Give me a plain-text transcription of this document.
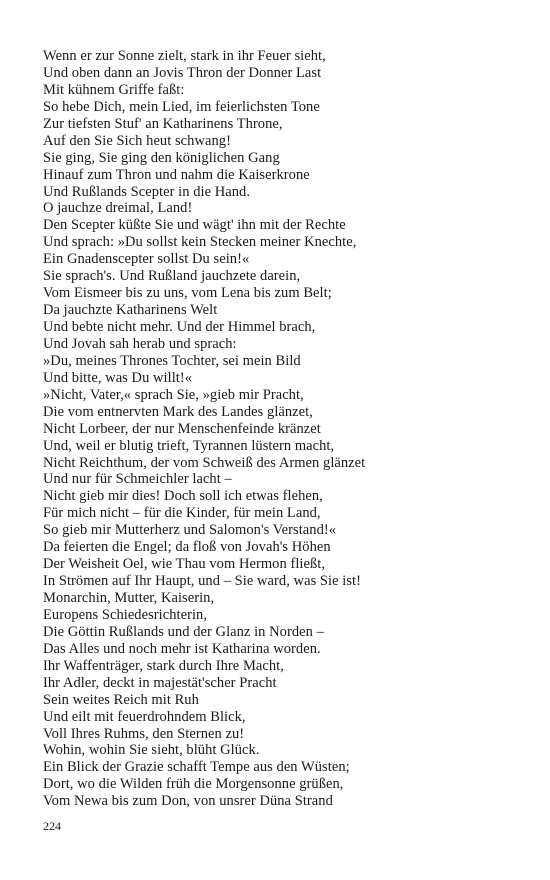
Wenn er zur Sonne zielt, stark in ihr Feuer sieht,
Und oben dann an Jovis Thron der Donner Last
Mit kühnem Griffe faßt:
So hebe Dich, mein Lied, im feierlichsten Tone
Zur tiefsten Stuf' an Katharinens Throne,
Auf den Sie Sich heut schwang!
Sie ging, Sie ging den königlichen Gang
Hinauf zum Thron und nahm die Kaiserkrone
Und Rußlands Scepter in die Hand.
O jauchze dreimal, Land!
Den Scepter küßte Sie und wägt' ihn mit der Rechte
Und sprach: »Du sollst kein Stecken meiner Knechte,
Ein Gnadenscepter sollst Du sein!«
Sie sprach's. Und Rußland jauchzete darein,
Vom Eismeer bis zu uns, vom Lena bis zum Belt;
Da jauchzte Katharinens Welt
Und bebte nicht mehr. Und der Himmel brach,
Und Jovah sah herab und sprach:
»Du, meines Thrones Tochter, sei mein Bild
Und bitte, was Du willt!«
»Nicht, Vater,« sprach Sie, »gieb mir Pracht,
Die vom entnervten Mark des Landes glänzet,
Nicht Lorbeer, der nur Menschenfeinde kränzet
Und, weil er blutig trieft, Tyrannen lüstern macht,
Nicht Reichthum, der vom Schweiß des Armen glänzet
Und nur für Schmeichler lacht –
Nicht gieb mir dies! Doch soll ich etwas flehen,
Für mich nicht – für die Kinder, für mein Land,
So gieb mir Mutterherz und Salomon's Verstand!«
Da feierten die Engel; da floß von Jovah's Höhen
Der Weisheit Oel, wie Thau vom Hermon fließt,
In Strömen auf Ihr Haupt, und – Sie ward, was Sie ist!
Monarchin, Mutter, Kaiserin,
Europens Schiedesrichterin,
Die Göttin Rußlands und der Glanz in Norden –
Das Alles und noch mehr ist Katharina worden.
Ihr Waffenträger, stark durch Ihre Macht,
Ihr Adler, deckt in majestät'scher Pracht
Sein weites Reich mit Ruh
Und eilt mit feuerdrohndem Blick,
Voll Ihres Ruhms, den Sternen zu!
Wohin, wohin Sie sieht, blüht Glück.
Ein Blick der Grazie schafft Tempe aus den Wüsten;
Dort, wo die Wilden früh die Morgensonne grüßen,
Vom Newa bis zum Don, von unsrer Düna Strand
224
